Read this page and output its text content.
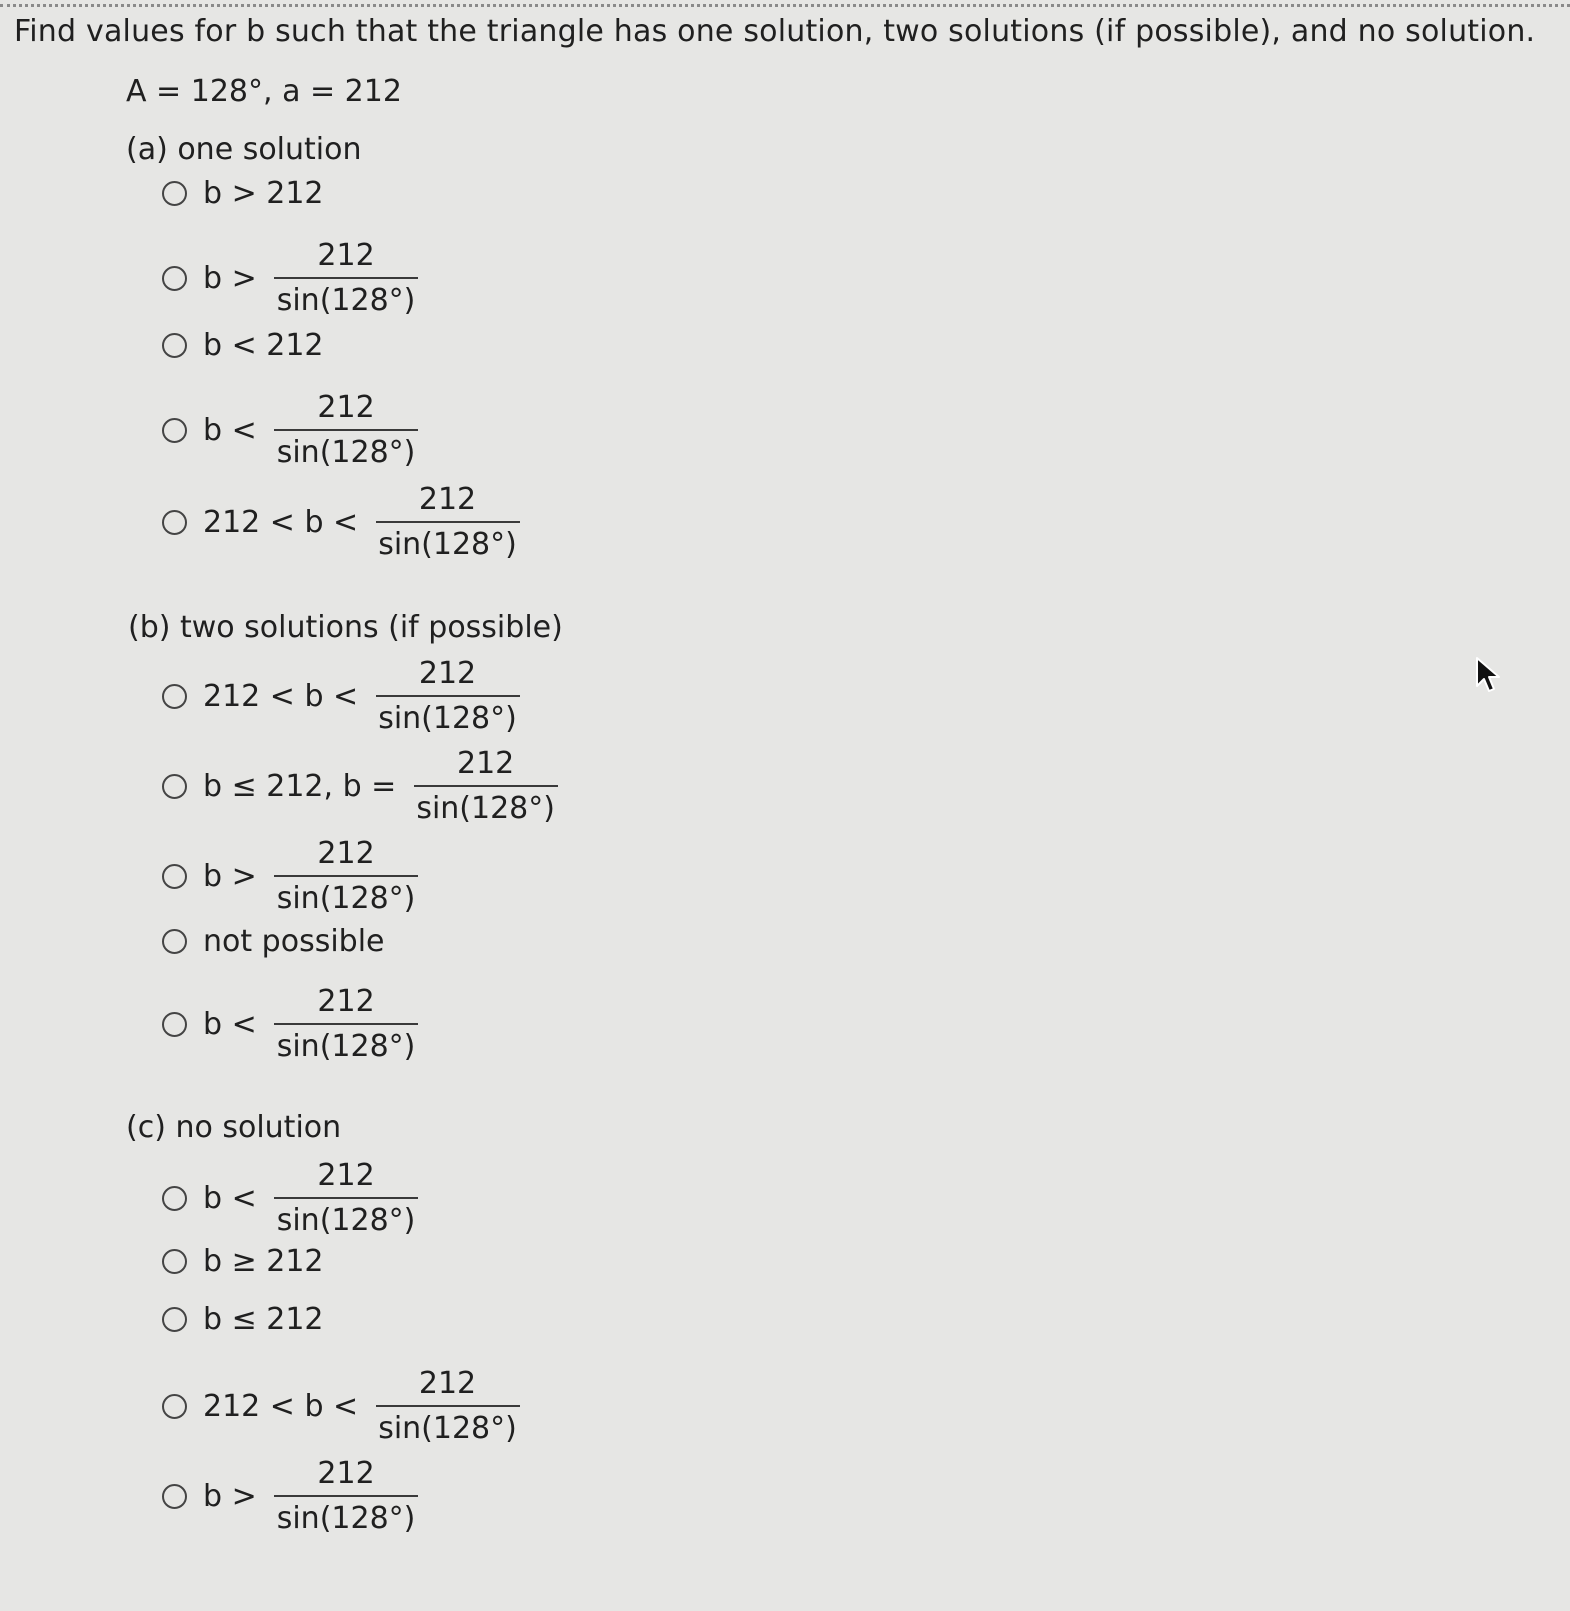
Find values for b such that the triangle has one solution, two solutions (if possible), and no solution.
A = 128°, a = 212
(a) one solution
b > 212
$b > \frac{212}{\sin(128^\circ)}$
b < 212
$b < \frac{212}{\sin(128^\circ)}$
$212 < b < \frac{212}{\sin(128^\circ)}$
(b) two solutions (if possible)
$212 < b < \frac{212}{\sin(128^\circ)}$
b ≤ 212, $b = \frac{212}{\sin(128^\circ)}$
$b > \frac{212}{\sin(128^\circ)}$
not possible
$b < \frac{212}{\sin(128^\circ)}$
(c) no solution
$b < \frac{212}{\sin(128^\circ)}$
b ≥ 212
b ≤ 212
$212 < b < \frac{212}{\sin(128^\circ)}$
$b > \frac{212}{\sin(128^\circ)}$
